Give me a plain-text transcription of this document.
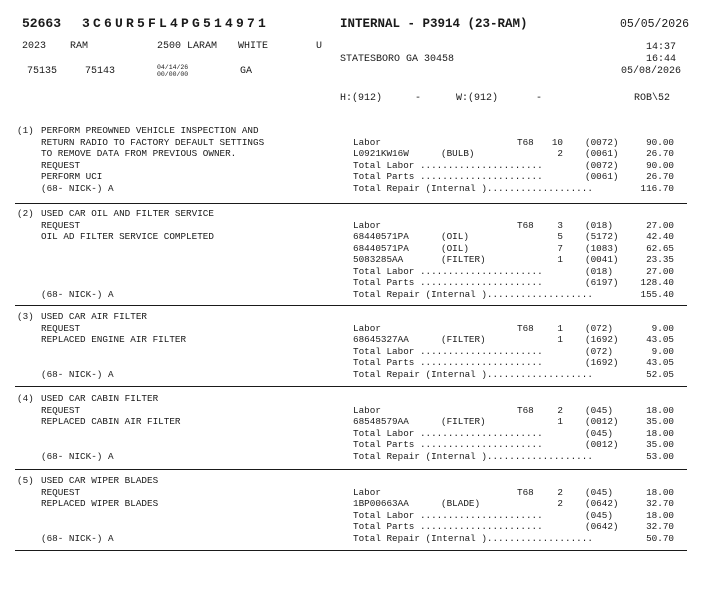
52663 3C6UR5FL4PG514971	INTERNAL - P3914 (23-RAM)	05/05/2026
2023 RAM	2500 LARAM WHITE	U	14:37
16:44
STATESBORO GA 30458
05/08/2026
75135	75143	04/14/26
00/00/00	GA
H:(912)	-	W:(912)	-	ROB\52
(1) PERFORM PREOWNED VEHICLE INSPECTION AND
RETURN RADIO TO FACTORY DEFAULT SETTINGS
TO REMOVE DATA FROM PREVIOUS OWNER.
REQUEST
PERFORM UCI
Labor	T68 10 (0072)	90.00
L0921KW16W	(BULB)	2 (0061)	26.70
Total Labor ......................	(0072)	90.00
Total Parts ......................	(0061)	26.70
Total Repair (Internal )...................	116.70
(68- NICK-) A
(2) USED CAR OIL AND FILTER SERVICE
REQUEST
OIL AD FILTER SERVICE COMPLETED
Labor	T68	3 (018)	27.00
68440571PA	(OIL)	5 (5172)	42.40
68440571PA	(OIL)	7 (1083)	62.65
5083285AA	(FILTER)	1 (0041)	23.35
Total Labor ......................	(018)	27.00
Total Parts ......................	(6197) 128.40
Total Repair (Internal )...................	155.40
(68- NICK-) A
(3) USED CAR AIR FILTER
REQUEST
REPLACED ENGINE AIR FILTER
Labor	T68	1 (072)	9.00
68645327AA	(FILTER)	1 (1692)	43.05
Total Labor ......................	(072)	9.00
Total Parts ......................	(1692)	43.05
Total Repair (Internal )...................	52.05
(68- NICK-) A
(4) USED CAR CABIN FILTER
REQUEST
REPLACED CABIN AIR FILTER
Labor	T68	2 (045)	18.00
68548579AA	(FILTER)	1 (0012)	35.00
Total Labor ......................	(045)	18.00
Total Parts ......................	(0012)	35.00
Total Repair (Internal )...................	53.00
(68- NICK-) A
(5) USED CAR WIPER BLADES
REQUEST
REPLACED WIPER BLADES
Labor	T68	2 (045)	18.00
1BP00663AA	(BLADE)	2 (0642)	32.70
Total Labor ......................	(045)	18.00
Total Parts ......................	(0642)	32.70
Total Repair (Internal )...................	50.70
(68- NICK-) A
